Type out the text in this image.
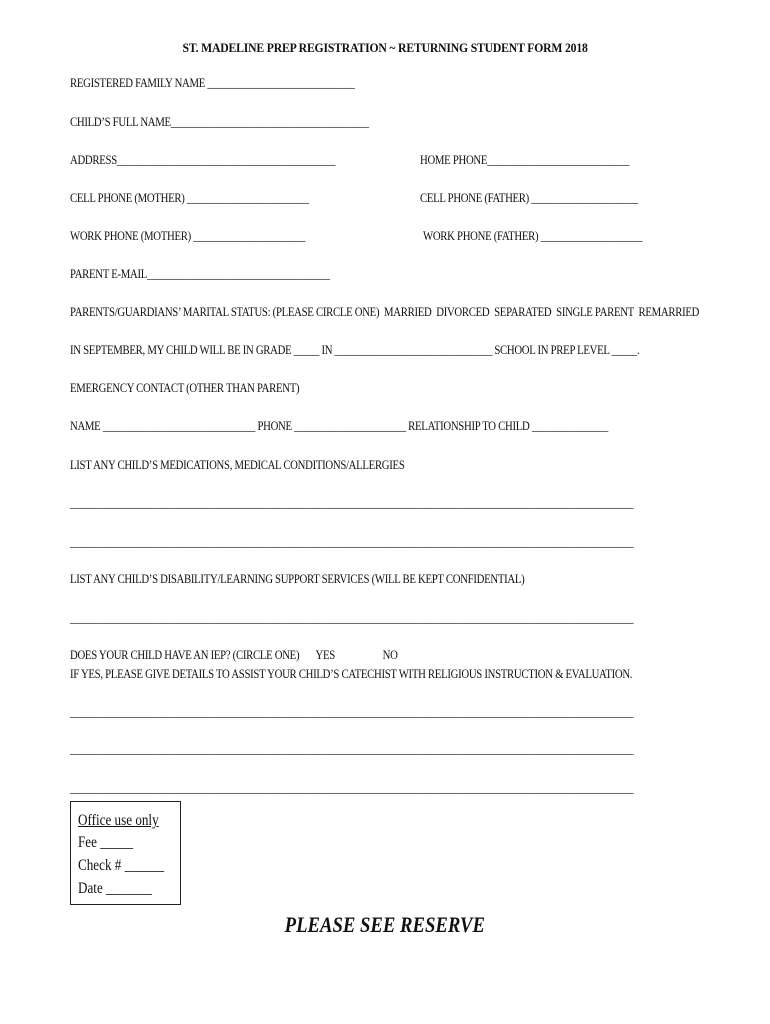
ST. MADELINE PREP REGISTRATION ~ RETURNING STUDENT FORM 2018
REGISTERED FAMILY NAME _____________________________
CHILD’S FULL NAME_______________________________________
ADDRESS___________________________________________	HOME PHONE____________________________
CELL PHONE (MOTHER) ________________________	CELL PHONE (FATHER) _____________________
WORK PHONE (MOTHER) ______________________	WORK PHONE (FATHER) ____________________
PARENT E-MAIL____________________________________
PARENTS/GUARDIANS’ MARITAL STATUS: (PLEASE CIRCLE ONE)  MARRIED  DIVORCED  SEPARATED  SINGLE PARENT  REMARRIED
IN SEPTEMBER, MY CHILD WILL BE IN GRADE _____ IN _______________________________ SCHOOL IN PREP LEVEL _____.
EMERGENCY CONTACT (OTHER THAN PARENT)
NAME ______________________________ PHONE ______________________ RELATIONSHIP TO CHILD _______________
LIST ANY CHILD’S MEDICATIONS, MEDICAL CONDITIONS/ALLERGIES
_______________________________________________________________________________________________________________
_______________________________________________________________________________________________________________
LIST ANY CHILD’S DISABILITY/LEARNING SUPPORT SERVICES (WILL BE KEPT CONFIDENTIAL)
_______________________________________________________________________________________________________________
DOES YOUR CHILD HAVE AN IEP? (CIRCLE ONE)       YES                    NO
IF YES, PLEASE GIVE DETAILS TO ASSIST YOUR CHILD’S CATECHIST WITH RELIGIOUS INSTRUCTION & EVALUATION.
_______________________________________________________________________________________________________________
_______________________________________________________________________________________________________________
_______________________________________________________________________________________________________________
Office use only
Fee _____
Check # ______
Date _______
PLEASE SEE RESERVE
